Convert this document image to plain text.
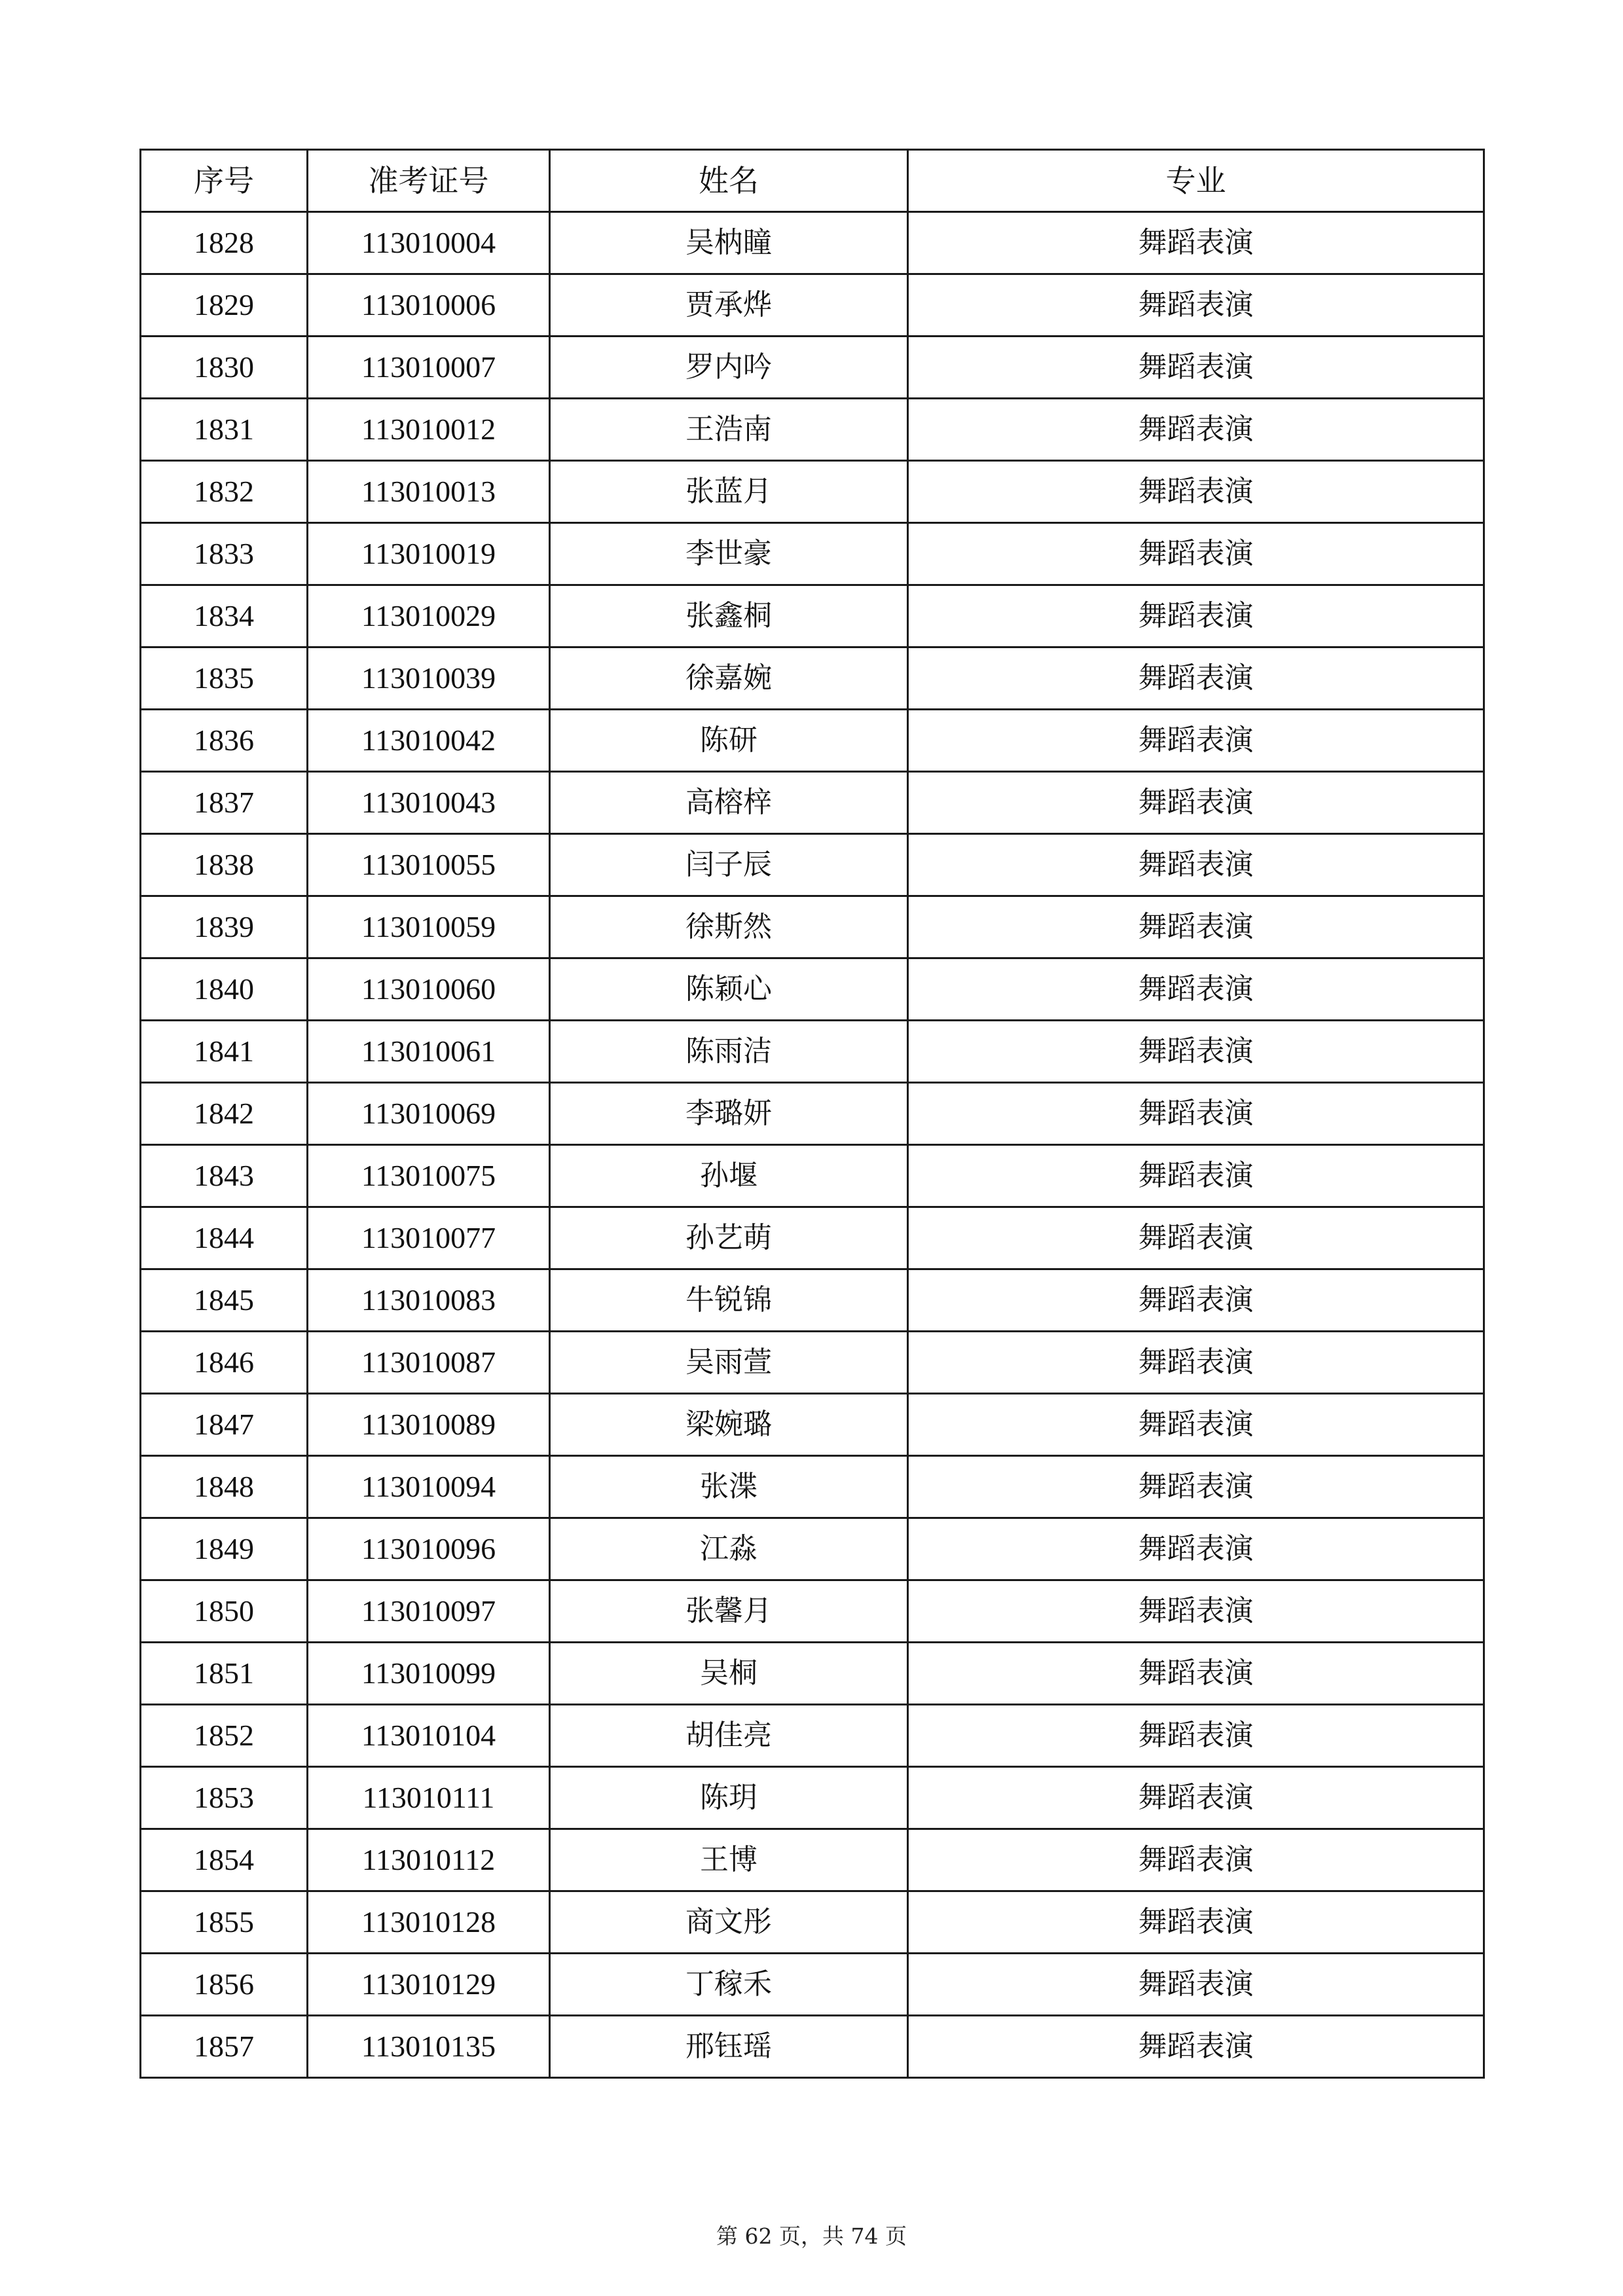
序号	准考证号	姓名	专业
1828	113010004	吴枘瞳	舞蹈表演
1829	113010006	贾承烨	舞蹈表演
1830	113010007	罗内吟	舞蹈表演
1831	113010012	王浩南	舞蹈表演
1832	113010013	张蓝月	舞蹈表演
1833	113010019	李世豪	舞蹈表演
1834	113010029	张鑫桐	舞蹈表演
1835	113010039	徐嘉婉	舞蹈表演
1836	113010042	陈研	舞蹈表演
1837	113010043	高榕梓	舞蹈表演
1838	113010055	闫子辰	舞蹈表演
1839	113010059	徐斯然	舞蹈表演
1840	113010060	陈颖心	舞蹈表演
1841	113010061	陈雨洁	舞蹈表演
1842	113010069	李璐妍	舞蹈表演
1843	113010075	孙堰	舞蹈表演
1844	113010077	孙艺萌	舞蹈表演
1845	113010083	牛锐锦	舞蹈表演
1846	113010087	吴雨萱	舞蹈表演
1847	113010089	梁婉璐	舞蹈表演
1848	113010094	张渫	舞蹈表演
1849	113010096	江淼	舞蹈表演
1850	113010097	张馨月	舞蹈表演
1851	113010099	吴桐	舞蹈表演
1852	113010104	胡佳亮	舞蹈表演
1853	113010111	陈玥	舞蹈表演
1854	113010112	王博	舞蹈表演
1855	113010128	商文彤	舞蹈表演
1856	113010129	丁稼禾	舞蹈表演
1857	113010135	邢钰瑶	舞蹈表演
第 62 页，共 74 页
